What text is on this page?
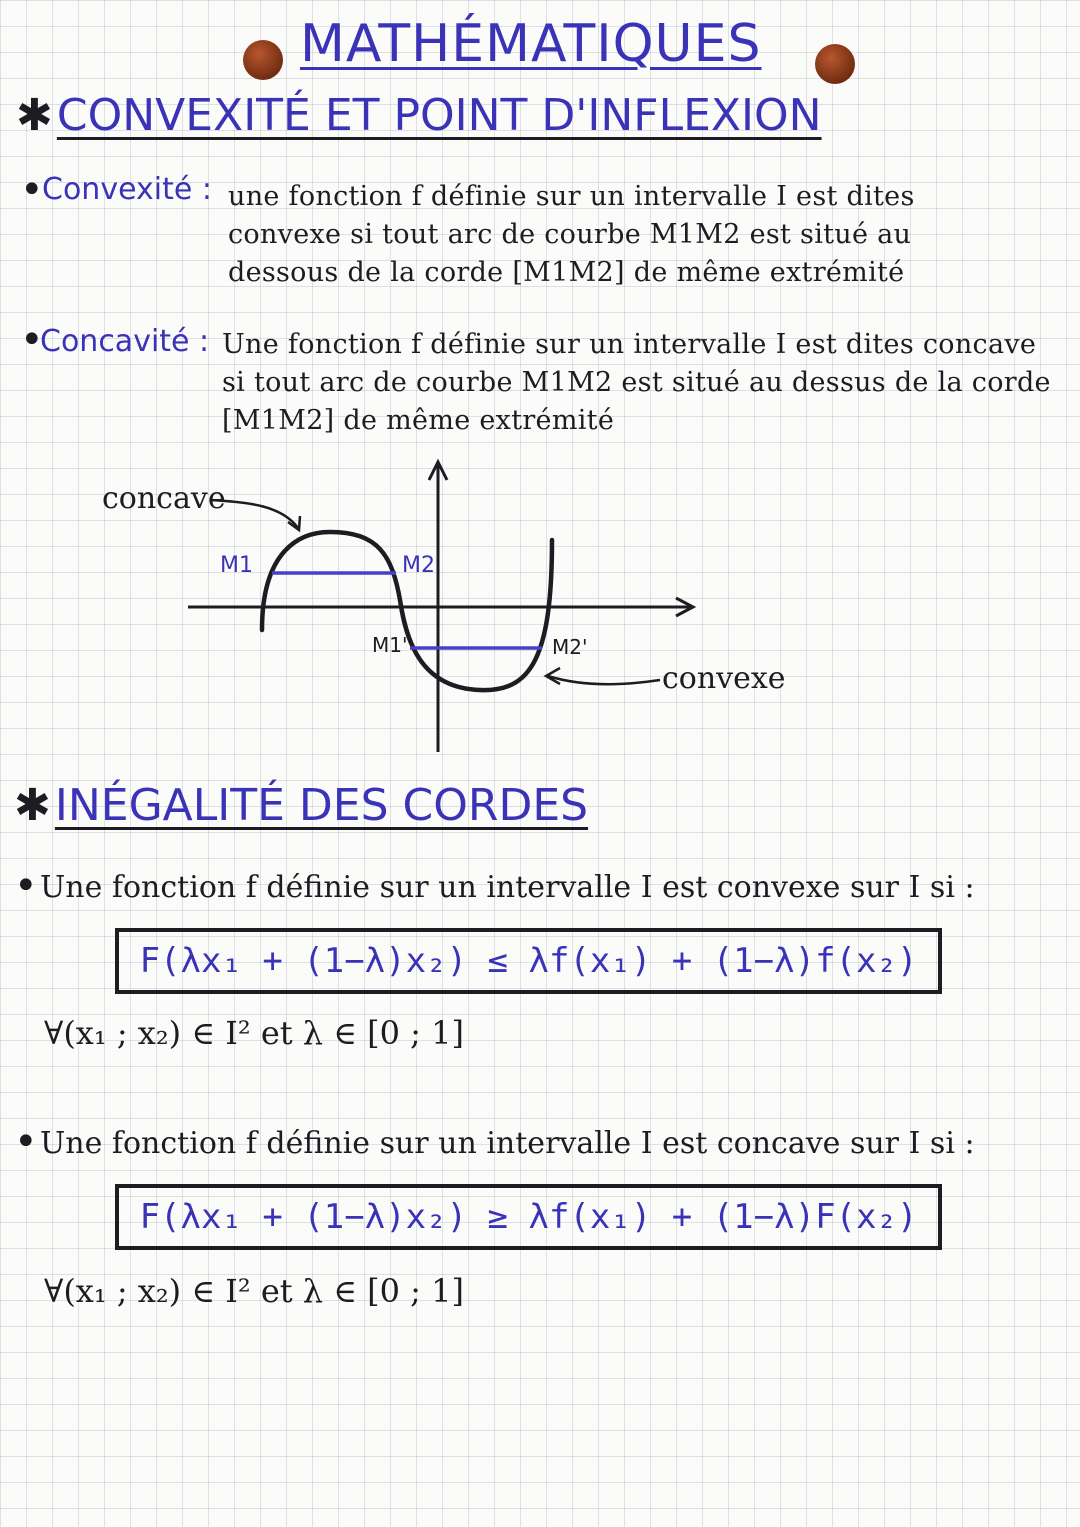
MATHÉMATIQUES
✱CONVEXITÉ ET POINT D'INFLEXION
•
Convexité : une fonction f définie sur un intervalle I est dites
convexe si tout arc de courbe M1M2 est situé au
dessous de la corde [M1M2] de même extrémité
•
Concavité : Une fonction f définie sur un intervalle I est dites concave
si tout arc de courbe M1M2 est situé au dessus de la corde
[M1M2] de même extrémité
concave
convexe
M1	M2
M1'	M2'
✱INÉGALITÉ DES CORDES
• Une fonction f définie sur un intervalle I est convexe sur I si :
F(λx₁ + (1−λ)x₂) ≤ λf(x₁) + (1−λ)f(x₂)
∀(x₁ ; x₂) ∈ I² et λ ∈ [0 ; 1]
• Une fonction f définie sur un intervalle I est concave sur I si :
F(λx₁ + (1−λ)x₂) ≥ λf(x₁) + (1−λ)F(x₂)
∀(x₁ ; x₂) ∈ I² et λ ∈ [0 ; 1]
